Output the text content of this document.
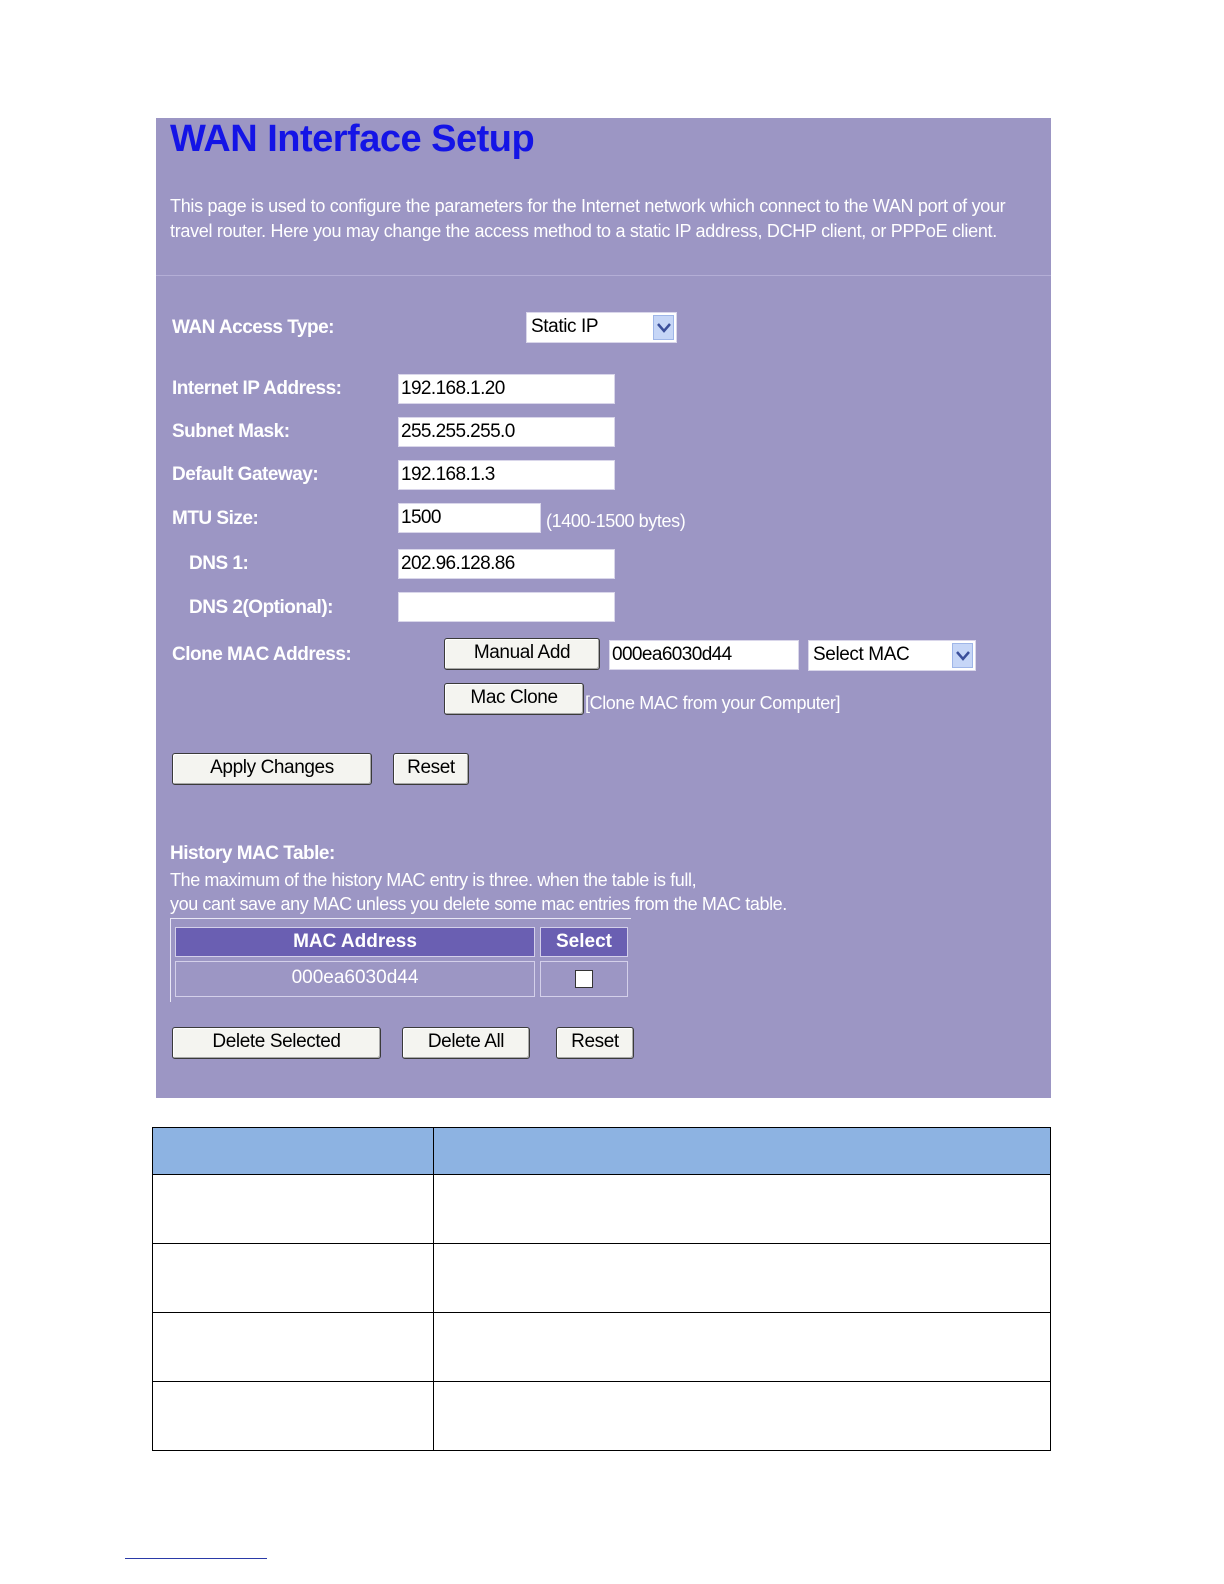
WAN Interface Setup
This page is used to configure the parameters for the Internet network which connect to the WAN port of your travel router. Here you may change the access method to a static IP address, DCHP client, or PPPoE client.
WAN Access Type:	Static IP
Internet IP Address:	192.168.1.20
Subnet Mask:	255.255.255.0
Default Gateway:	192.168.1.3
MTU Size:	1500	(1400-1500 bytes)
DNS 1:	202.96.128.86
DNS 2(Optional):
Clone MAC Address:	Manual Add	000ea6030d44	Select MAC
Mac Clone	[Clone MAC from your Computer]
Apply Changes	Reset
History MAC Table:
The maximum of the history MAC entry is three. when the table is full,
you cant save any MAC unless you delete some mac entries from the MAC table.
MAC Address	Select
000ea6030d44
Delete Selected	Delete All	Reset
